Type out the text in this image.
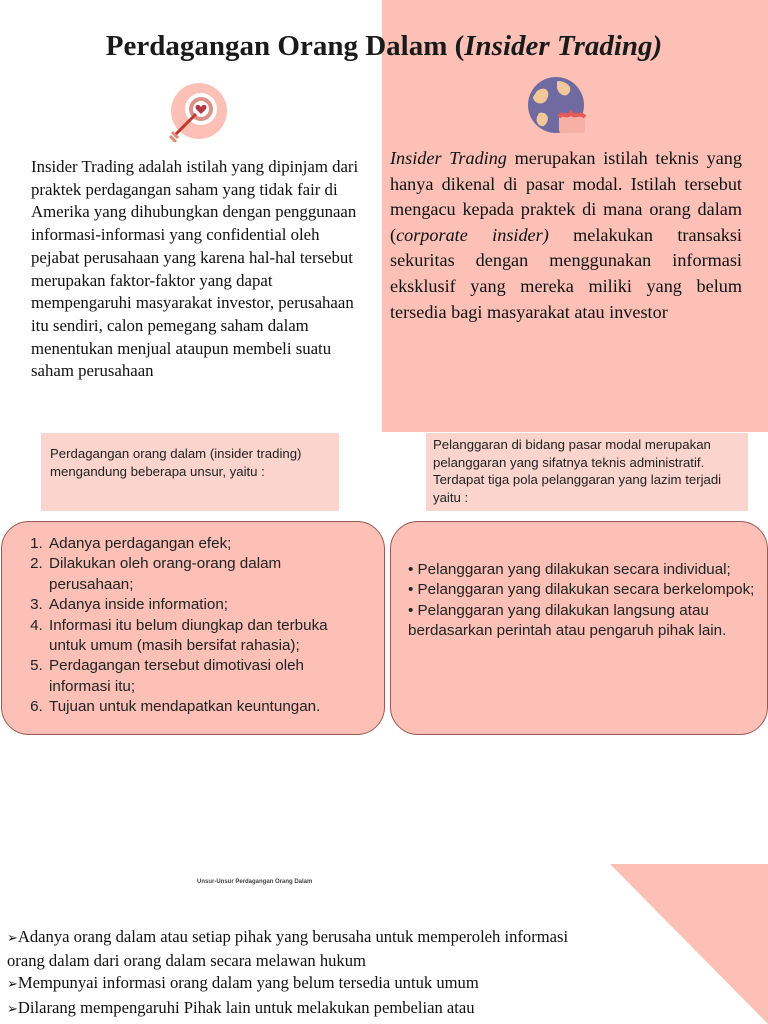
Perdagangan Orang Dalam (Insider Trading)
Insider Trading adalah istilah yang dipinjam dari praktek perdagangan saham yang tidak fair di Amerika yang dihubungkan dengan penggunaan informasi-informasi yang confidential oleh pejabat perusahaan yang karena hal-hal tersebut merupakan faktor-faktor yang dapat mempengaruhi masyarakat investor, perusahaan itu sendiri, calon pemegang saham dalam menentukan menjual ataupun membeli suatu saham perusahaan
Insider Trading merupakan istilah teknis yang hanya dikenal di pasar modal. Istilah tersebut mengacu kepada praktek di mana orang dalam (corporate insider) melakukan transaksi sekuritas dengan menggunakan informasi eksklusif yang mereka miliki yang belum tersedia bagi masyarakat atau investor

Perdagangan orang dalam (insider trading) mengandung beberapa unsur, yaitu :

Pelanggaran di bidang pasar modal merupakan pelanggaran yang sifatnya teknis administratif. Terdapat tiga pola pelanggaran yang lazim terjadi yaitu :

1. Adanya perdagangan efek;
2. Dilakukan oleh orang-orang dalam perusahaan;
3. Adanya inside information;
4. Informasi itu belum diungkap dan terbuka untuk umum (masih bersifat rahasia);
5. Perdagangan tersebut dimotivasi oleh informasi itu;
6. Tujuan untuk mendapatkan keuntungan.
• Pelanggaran yang dilakukan secara individual;
• Pelanggaran yang dilakukan secara berkelompok;
• Pelanggaran yang dilakukan langsung atau berdasarkan perintah atau pengaruh pihak lain.
Unsur-Unsur Perdagangan Orang Dalam
➢Adanya orang dalam atau setiap pihak yang berusaha untuk memperoleh informasi orang dalam dari orang dalam secara melawan hukum
➢Mempunyai informasi orang dalam yang belum tersedia untuk umum
➢Dilarang mempengaruhi Pihak lain untuk melakukan pembelian atau
